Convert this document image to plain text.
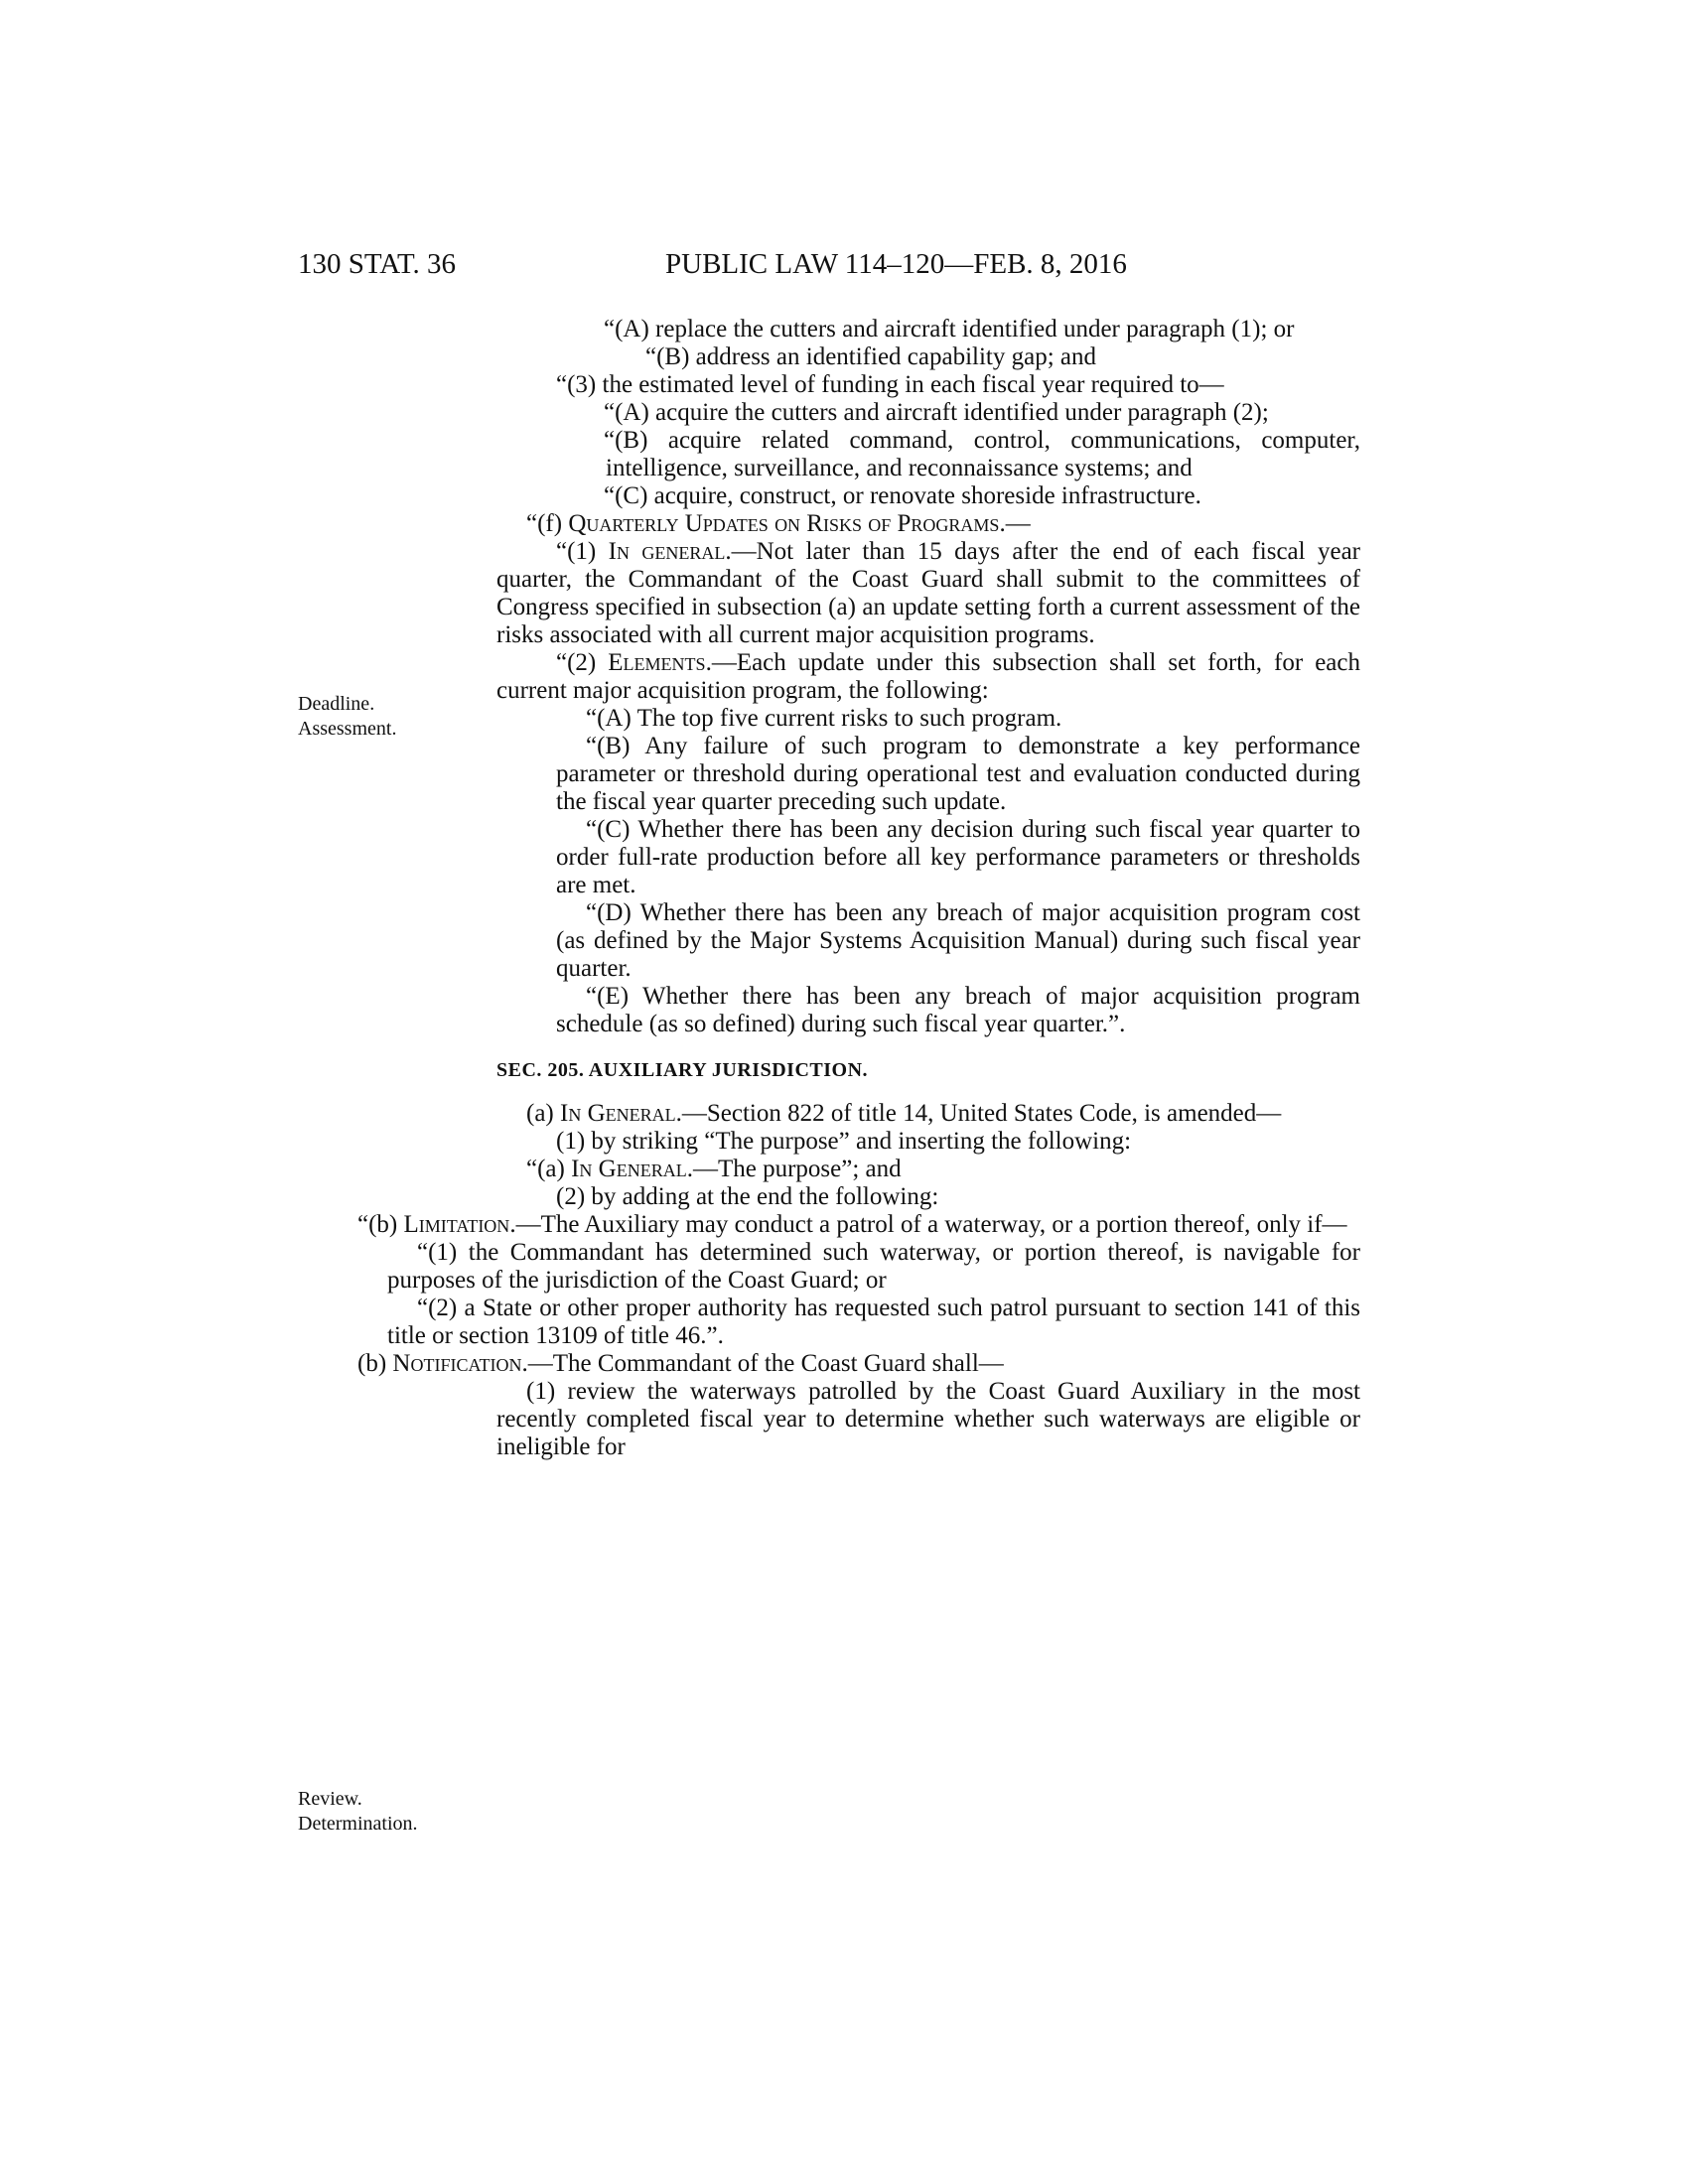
130 STAT. 36	PUBLIC LAW 114–120—FEB. 8, 2016
Deadline.
Assessment.
Review.
Determination.

“(A) replace the cutters and aircraft identified under paragraph (1); or

“(B) address an identified capability gap; and

“(3) the estimated level of funding in each fiscal year required to—

“(A) acquire the cutters and aircraft identified under paragraph (2);

“(B) acquire related command, control, communications, computer, intelligence, surveillance, and reconnaissance systems; and

“(C) acquire, construct, or renovate shoreside infrastructure.

“(f) Quarterly Updates on Risks of Programs.—

“(1) In general.—Not later than 15 days after the end of each fiscal year quarter, the Commandant of the Coast Guard shall submit to the committees of Congress specified in subsection (a) an update setting forth a current assessment of the risks associated with all current major acquisition programs.

“(2) Elements.—Each update under this subsection shall set forth, for each current major acquisition program, the following:

“(A) The top five current risks to such program.

“(B) Any failure of such program to demonstrate a key performance parameter or threshold during operational test and evaluation conducted during the fiscal year quarter preceding such update.

“(C) Whether there has been any decision during such fiscal year quarter to order full-rate production before all key performance parameters or thresholds are met.

“(D) Whether there has been any breach of major acquisition program cost (as defined by the Major Systems Acquisition Manual) during such fiscal year quarter.

“(E) Whether there has been any breach of major acquisition program schedule (as so defined) during such fiscal year quarter.”.

SEC. 205. AUXILIARY JURISDICTION.

(a) In General.—Section 822 of title 14, United States Code, is amended—

(1) by striking “The purpose” and inserting the following:

“(a) In General.—The purpose”; and

(2) by adding at the end the following:

“(b) Limitation.—The Auxiliary may conduct a patrol of a waterway, or a portion thereof, only if—

“(1) the Commandant has determined such waterway, or portion thereof, is navigable for purposes of the jurisdiction of the Coast Guard; or

“(2) a State or other proper authority has requested such patrol pursuant to section 141 of this title or section 13109 of title 46.”.

(b) Notification.—The Commandant of the Coast Guard shall—

(1) review the waterways patrolled by the Coast Guard Auxiliary in the most recently completed fiscal year to determine whether such waterways are eligible or ineligible for
